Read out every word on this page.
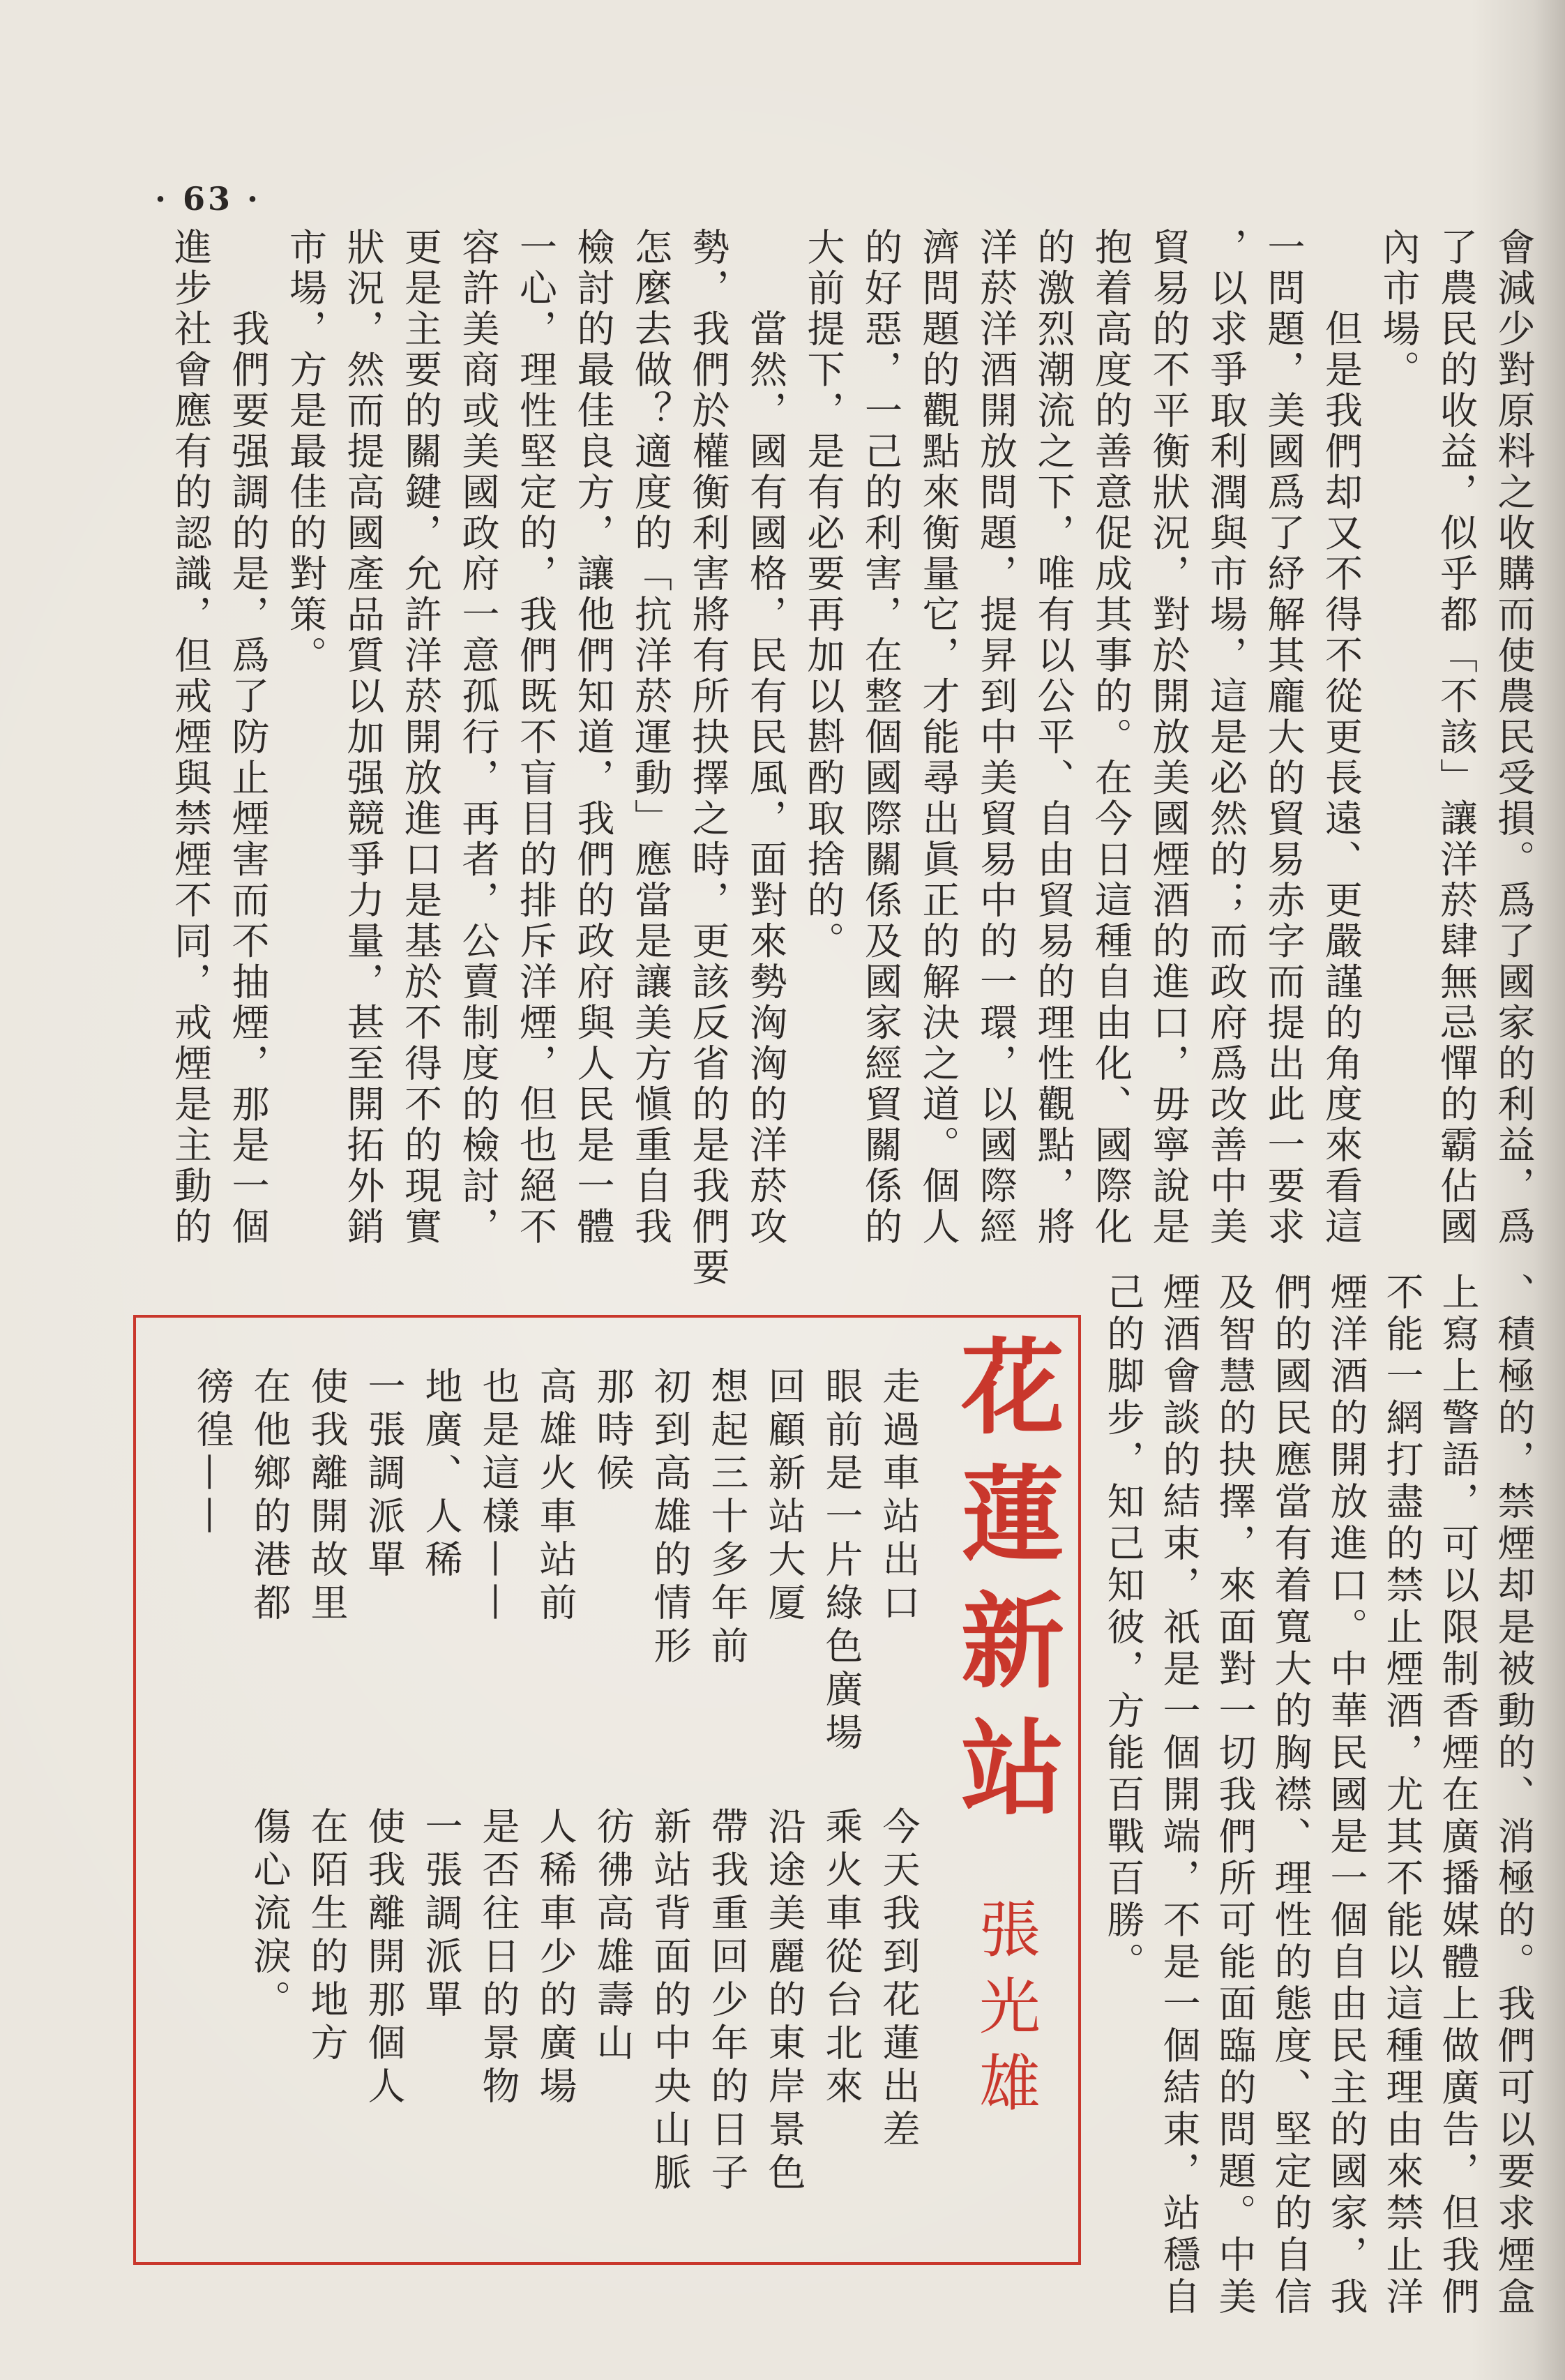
· 63 ·
會減少對原料之收購而使農民受損。爲了國家的利益，爲
了農民的收益，似乎都「不該」讓洋菸肆無忌憚的霸佔國
內市場。
　　但是我們却又不得不從更長遠、更嚴謹的角度來看這
一問題，美國爲了紓解其龐大的貿易赤字而提出此一要求
，以求爭取利潤與市場，這是必然的；而政府爲改善中美
貿易的不平衡狀況，對於開放美國煙酒的進口，毋寧說是
抱着高度的善意促成其事的。在今日這種自由化、國際化
的激烈潮流之下，唯有以公平、自由貿易的理性觀點，將
洋菸洋酒開放問題，提昇到中美貿易中的一環，以國際經
濟問題的觀點來衡量它，才能尋出眞正的解決之道。個人
的好惡，一己的利害，在整個國際關係及國家經貿關係的
大前提下，是有必要再加以斟酌取捨的。
　　當然，國有國格，民有民風，面對來勢洶洶的洋菸攻
勢，我們於權衡利害將有所抉擇之時，更該反省的是我們要
怎麼去做？適度的「抗洋菸運動」應當是讓美方愼重自我
檢討的最佳良方，讓他們知道，我們的政府與人民是一體
一心，理性堅定的，我們既不盲目的排斥洋煙，但也絕不
容許美商或美國政府一意孤行，再者，公賣制度的檢討，
更是主要的關鍵，允許洋菸開放進口是基於不得不的現實
狀況，然而提高國產品質以加强競爭力量，甚至開拓外銷
市場，方是最佳的對策。
　　我們要强調的是，爲了防止煙害而不抽煙，那是一個
進步社會應有的認識，但戒煙與禁煙不同，戒煙是主動的
、積極的，禁煙却是被動的、消極的。我們可以要求煙盒
上寫上警語，可以限制香煙在廣播媒體上做廣告，但我們
不能一網打盡的禁止煙酒，尤其不能以這種理由來禁止洋
煙洋酒的開放進口。中華民國是一個自由民主的國家，我
們的國民應當有着寬大的胸襟、理性的態度、堅定的自信
及智慧的抉擇，來面對一切我們所可能面臨的問題。中美
煙酒會談的結束，祇是一個開端，不是一個結束，站穩自
己的脚步，知己知彼，方能百戰百勝。
花蓮新站
張光雄
走過車站出口
眼前是一片綠色廣場
回顧新站大厦
想起三十多年前
初到高雄的情形
那時候
高雄火車站前
也是這樣——
地廣、人稀
一張調派單
使我離開故里
在他鄉的港都
徬徨——
今天我到花蓮出差
乘火車從台北來
沿途美麗的東岸景色
帶我重回少年的日子
新站背面的中央山脈
彷彿高雄壽山
人稀車少的廣場
是否往日的景物
一張調派單
使我離開那個人
在陌生的地方
傷心流淚。
